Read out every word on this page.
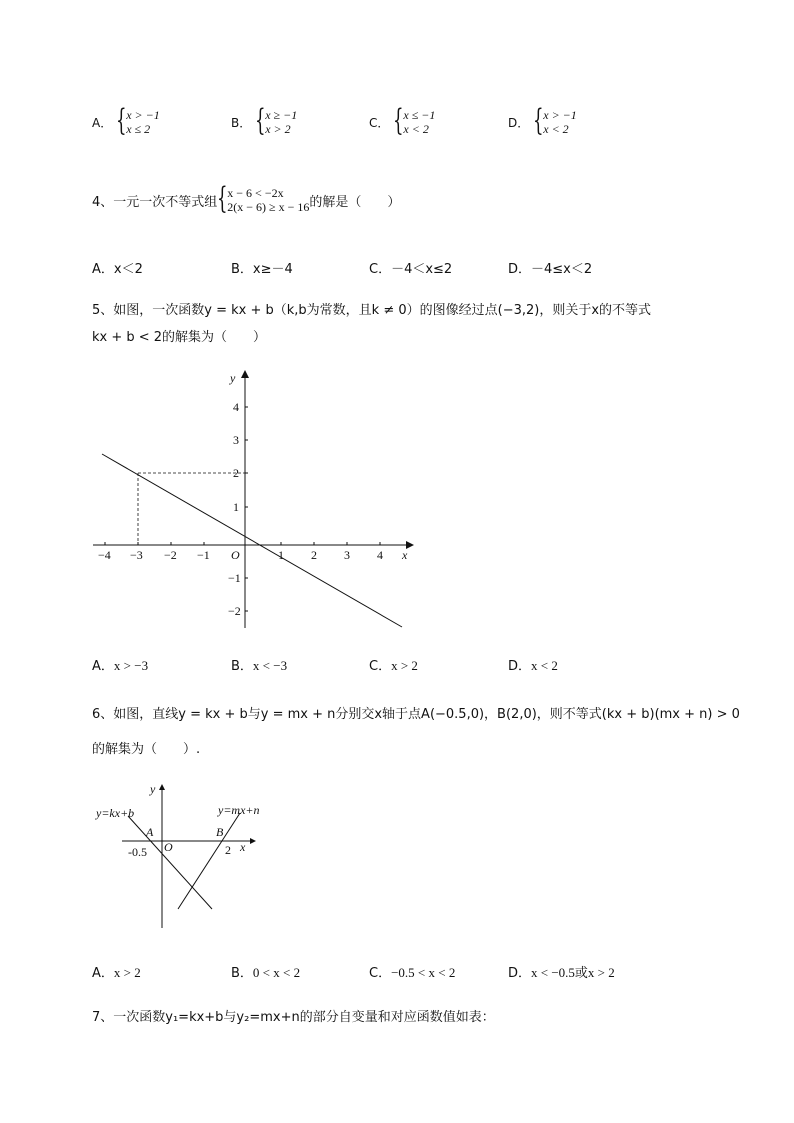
A． { x > −1
x ≤ 2	B． { x ≥ −1
x > 2	C． { x ≤ −1
x < 2	D． { x > −1
x < 2
4、一元一次不等式组 { x − 6 < −2x
2(x − 6) ≥ x − 16 的解是（　　）
A．x＜2	B．x≥－4	C．－4＜x≤2	D．－4≤x＜2
5、如图，一次函数y = kx + b（k,b为常数，且k ≠ 0）的图像经过点(−3,2)，则关于x的不等式
kx + b < 2的解集为（　　）
−4 −3 −2 −1	1 2 3 4
4
3
2
1
−1
−2
O	x
y
A．x > −3	B．x < −3	C．x > 2	D．x < 2
6、如图，直线y = kx + b与y = mx + n分别交x轴于点A(−0.5,0)，B(2,0)，则不等式(kx + b)(mx + n) > 0
的解集为（　　）.
y=kx+b	y=mx+n
A	B
O	x
y
-0.5	2
A．x > 2	B．0 < x < 2	C．−0.5 < x < 2	D．x < −0.5或x > 2
7、一次函数y₁=kx+b与y₂=mx+n的部分自变量和对应函数值如表：
